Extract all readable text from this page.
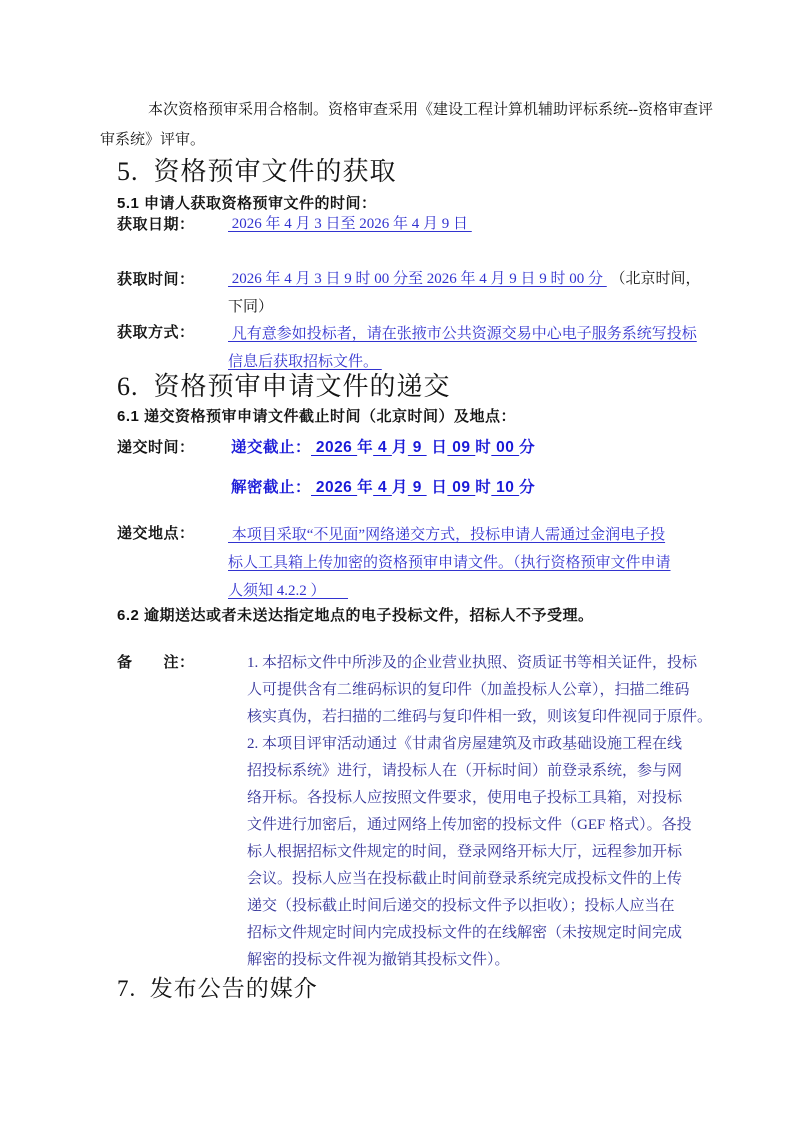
本次资格预审采用合格制。资格审查采用《建设工程计算机辅助评标系统--资格审查评
审系统》评审。
5.  资格预审文件的获取
5.1 申请人获取资格预审文件的时间：
获取日期： 2026 年 4 月 3 日至 2026 年 4 月 9 日
获取时间： 2026 年 4 月 3 日 9 时 00 分至 2026 年 4 月 9 日 9 时 00 分  （北京时间，
下同）
获取方式： 凡有意参如投标者，请在张掖市公共资源交易中心电子服务系统写投标
信息后获取招标文件。
6.  资格预审申请文件的递交
6.1 递交资格预审申请文件截止时间（北京时间）及地点：
递交时间： 递交截止： 2026 年 4 月 9  日 09 时 00 分
解密截止： 2026 年 4 月 9  日 09 时 10 分
递交地点： 本项目采取“不见面”网络递交方式，投标申请人需通过金润电子投
标人工具箱上传加密的资格预审申请文件。（执行资格预审文件申请
人须知 4.2.2 ）　　
6.2 逾期送达或者未送达指定地点的电子投标文件，招标人不予受理。
备　　注：	1. 本招标文件中所涉及的企业营业执照、资质证书等相关证件，投标
人可提供含有二维码标识的复印件（加盖投标人公章），扫描二维码
核实真伪，若扫描的二维码与复印件相一致，则该复印件视同于原件。
2. 本项目评审活动通过《甘肃省房屋建筑及市政基础设施工程在线
招投标系统》进行，请投标人在（开标时间）前登录系统，参与网
络开标。各投标人应按照文件要求，使用电子投标工具箱，对投标
文件进行加密后，通过网络上传加密的投标文件（GEF 格式）。各投
标人根据招标文件规定的时间，登录网络开标大厅，远程参加开标
会议。投标人应当在投标截止时间前登录系统完成投标文件的上传
递交（投标截止时间后递交的投标文件予以拒收）；投标人应当在
招标文件规定时间内完成投标文件的在线解密（未按规定时间完成
解密的投标文件视为撤销其投标文件）。
7.  发布公告的媒介
